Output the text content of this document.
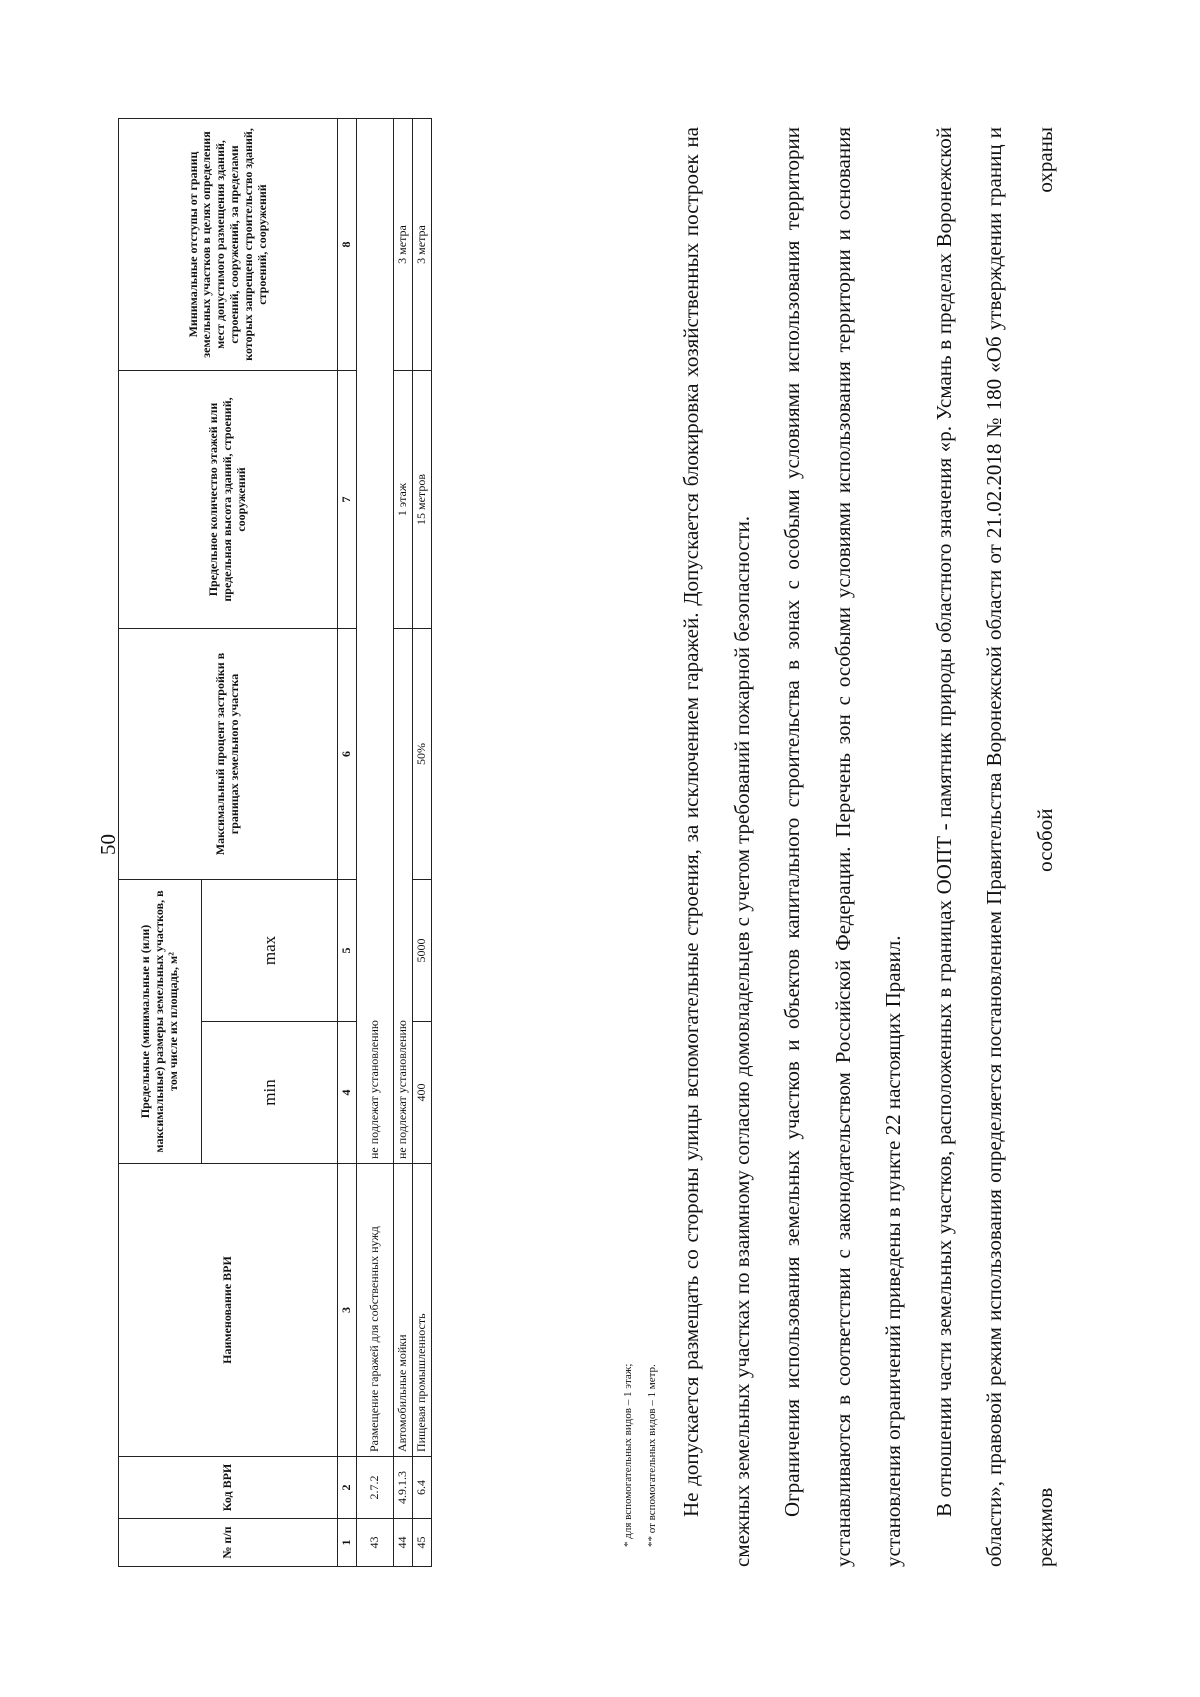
50
№ п/п	Код ВРИ	Наименование ВРИ	Предельные (минимальные и (или) максимальные) размеры земельных участков, в том числе их площадь, м²		Максимальный процент застройки в границах земельного участка	Предельное количество этажей или предельная высота зданий, строений, сооружений	Минимальные отступы от границ земельных участков в целях определения мест допустимого размещения зданий, строений, сооружений, за пределами которых запрещено строительство зданий, строений, сооружений
			min	max			
1	2	3	4	5	6	7	8
43	2.7.2	Размещение гаражей для собственных нужд	не подлежат установлению				
44	4.9.1.3	Автомобильные мойки	не подлежат установлению			1 этаж	3 метра
45	6.4	Пищевая промышленность	400	5000	50%	15 метров	3 метра
* для вспомогательных видов – 1 этаж; ** от вспомогательных видов – 1 метр.	Не допускается размещать со стороны улицы вспомогательные строения, за исключением гаражей. Допускается блокировка хозяйственных построек на смежных земельных участках по взаимному согласию домовладельцев с учетом требований пожарной безопасности.	Ограничения использования земельных участков и объектов капитального строительства в зонах с особыми условиями использования территории устанавливаются в соответствии с законодательством Российской Федерации. Перечень зон с особыми условиями использования территории и основания установления ограничений приведены в пункте 22 настоящих Правил.	В отношении части земельных участков, расположенных в границах ООПТ - памятник природы областного значения «р. Усмань в пределах Воронежской области», правовой режим использования определяется постановлением Правительства Воронежской области от 21.02.2018 № 180 «Об утверждении границ и режимов особой охраны
